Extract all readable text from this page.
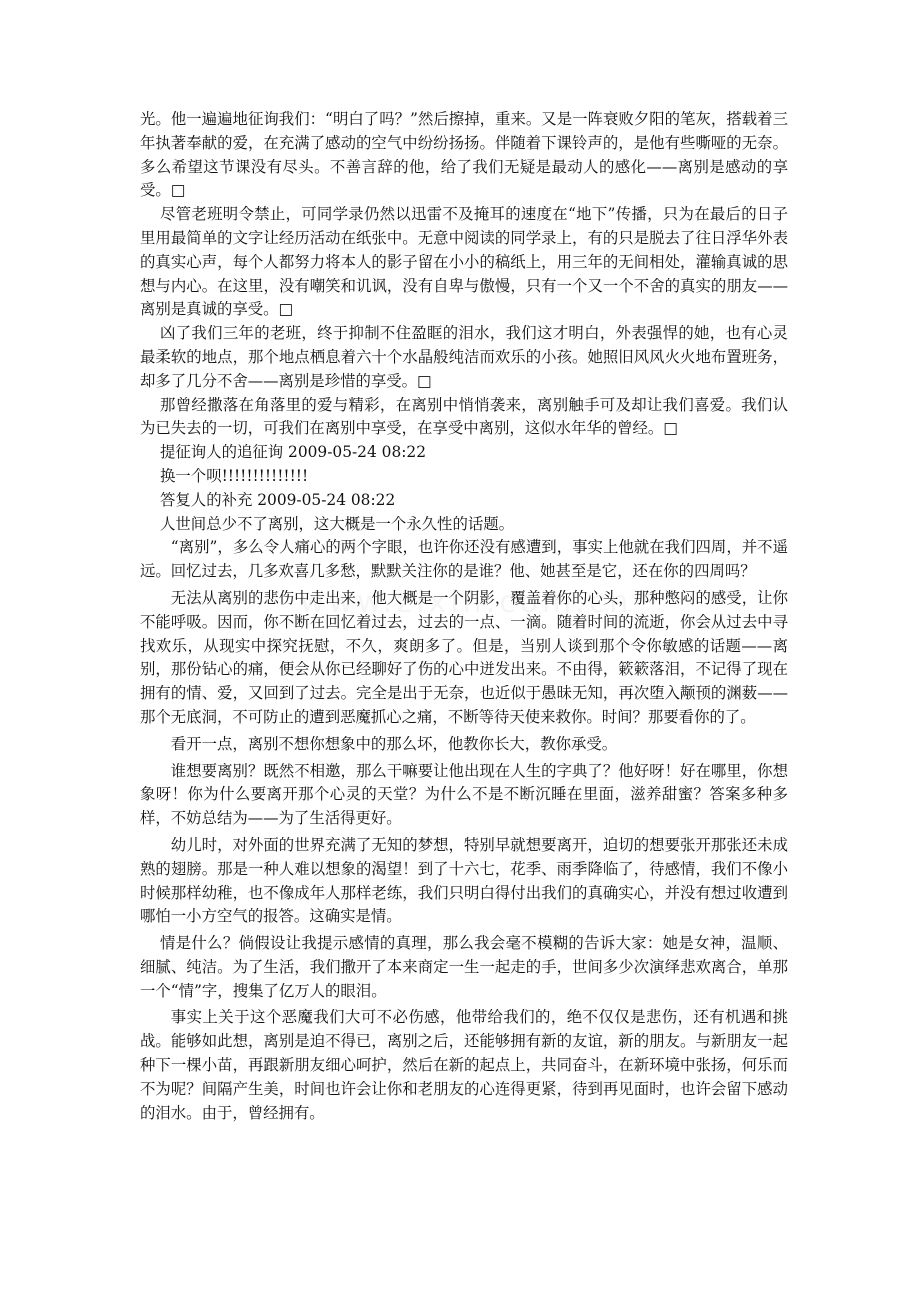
光。他一遍遍地征询我们：“明白了吗？”然后擦掉，重来。又是一阵衰败夕阳的笔灰，搭载着三年执著奉献的爱，在充满了感动的空气中纷纷扬扬。伴随着下课铃声的，是他有些嘶哑的无奈。多么希望这节课没有尽头。不善言辞的他，给了我们无疑是最动人的感化——离别是感动的享受。□

尽管老班明令禁止，可同学录仍然以迅雷不及掩耳的速度在“地下”传播，只为在最后的日子里用最简单的文字让经历活动在纸张中。无意中阅读的同学录上，有的只是脱去了往日浮华外表的真实心声，每个人都努力将本人的影子留在小小的稿纸上，用三年的无间相处，灌输真诚的思想与内心。在这里，没有嘲笑和讥讽，没有自卑与傲慢，只有一个又一个不舍的真实的朋友——离别是真诚的享受。□

凶了我们三年的老班，终于抑制不住盈眶的泪水，我们这才明白，外表强悍的她，也有心灵最柔软的地点，那个地点栖息着六十个水晶般纯洁而欢乐的小孩。她照旧风风火火地布置班务，却多了几分不舍——离别是珍惜的享受。□

那曾经撒落在角落里的爱与精彩，在离别中悄悄袭来，离别触手可及却让我们喜爱。我们认为已失去的一切，可我们在离别中享受，在享受中离别，这似水年华的曾经。□

提征询人的追征询 2009-05-24 08:22

换一个呗!!!!!!!!!!!!!!

答复人的补充 2009-05-24 08:22

人世间总少不了离别，这大概是一个永久性的话题。

“离别”，多么令人痛心的两个字眼，也许你还没有感遭到，事实上他就在我们四周，并不遥远。回忆过去，几多欢喜几多愁，默默关注你的是谁？他、她甚至是它，还在你的四周吗？

无法从离别的悲伤中走出来，他大概是一个阴影，覆盖着你的心头，那种憋闷的感受，让你不能呼吸。因而，你不断在回忆着过去，过去的一点、一滴。随着时间的流逝，你会从过去中寻找欢乐，从现实中探究抚慰，不久，爽朗多了。但是，当别人谈到那个令你敏感的话题——离别，那份钻心的痛，便会从你已经聊好了伤的心中迸发出来。不由得，簌簌落泪，不记得了现在拥有的情、爱，又回到了过去。完全是出于无奈，也近似于愚昧无知，再次堕入颟顸的渊薮——那个无底洞，不可防止的遭到恶魔抓心之痛，不断等待天使来救你。时间？那要看你的了。

看开一点，离别不想你想象中的那么坏，他教你长大，教你承受。

谁想要离别？既然不相邀，那么干嘛要让他出现在人生的字典了？他好呀！好在哪里，你想象呀！你为什么要离开那个心灵的天堂？为什么不是不断沉睡在里面，滋养甜蜜？答案多种多样，不妨总结为——为了生活得更好。

幼儿时，对外面的世界充满了无知的梦想，特别早就想要离开，迫切的想要张开那张还未成熟的翅膀。那是一种人难以想象的渴望！到了十六七，花季、雨季降临了，待感情，我们不像小时候那样幼稚，也不像成年人那样老练，我们只明白得付出我们的真确实心，并没有想过收遭到哪怕一小方空气的报答。这确实是情。

情是什么？倘假设让我提示感情的真理，那么我会毫不模糊的告诉大家：她是女神，温顺、细腻、纯洁。为了生活，我们撒开了本来商定一生一起走的手，世间多少次演绎悲欢离合，单那一个“情”字，搜集了亿万人的眼泪。

事实上关于这个恶魔我们大可不必伤感，他带给我们的，绝不仅仅是悲伤，还有机遇和挑战。能够如此想，离别是迫不得已，离别之后，还能够拥有新的友谊，新的朋友。与新朋友一起种下一棵小苗，再跟新朋友细心呵护，然后在新的起点上，共同奋斗，在新环境中张扬，何乐而不为呢？间隔产生美，时间也许会让你和老朋友的心连得更紧，待到再见面时，也许会留下感动的泪水。由于，曾经拥有。
